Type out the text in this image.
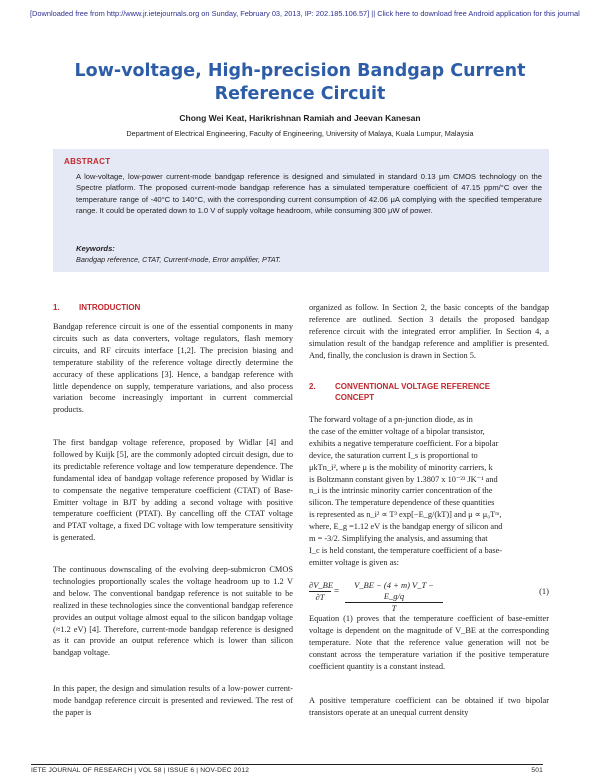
[Downloaded free from http://www.jr.ietejournals.org on Sunday, February 03, 2013, IP: 202.185.106.57] || Click here to download free Android application for this journal
Low-voltage, High-precision Bandgap Current Reference Circuit
Chong Wei Keat, Harikrishnan Ramiah and Jeevan Kanesan
Department of Electrical Engineering, Faculty of Engineering, University of Malaya, Kuala Lumpur, Malaysia
ABSTRACT
A low-voltage, low-power current-mode bandgap reference is designed and simulated in standard 0.13 μm CMOS technology on the Spectre platform. The proposed current-mode bandgap reference has a simulated temperature coefficient of 47.15 ppm/°C over the temperature range of -40°C to 140°C, with the corresponding current consumption of 42.06 μA complying with the specified temperature range. It could be operated down to 1.0 V of supply voltage headroom, while consuming 300 μW of power.
Keywords:
Bandgap reference, CTAT, Current-mode, Error amplifier, PTAT.
1. INTRODUCTION
Bandgap reference circuit is one of the essential components in many circuits such as data converters, voltage regulators, flash memory circuits, and RF circuits interface [1,2]. The precision biasing and temperature stability of the reference voltage directly determine the accuracy of these applications [3]. Hence, a bandgap reference with little dependence on supply, temperature variations, and also process variation become increasingly important in current commercial products.
The first bandgap voltage reference, proposed by Widlar [4] and followed by Kuijk [5], are the commonly adopted circuit design, due to its predictable reference voltage and low temperature dependence. The fundamental idea of bandgap voltage reference proposed by Widlar is to compensate the negative temperature coefficient (CTAT) of Base-Emitter voltage in BJT by adding a second voltage with positive temperature coefficient (PTAT). By cancelling off the CTAT voltage and PTAT voltage, a fixed DC voltage with low temperature sensitivity is generated.
The continuous downscaling of the evolving deep-submicron CMOS technologies proportionally scales the voltage headroom up to 1.2 V and below. The conventional bandgap reference is not suitable to be realized in these technologies since the conventional bandgap reference provides an output voltage almost equal to the silicon bandgap voltage (≈1.2 eV) [4]. Therefore, current-mode bandgap reference is designed as it can provide an output reference which is lower than silicon bandgap voltage.
In this paper, the design and simulation results of a low-power current-mode bandgap reference circuit is presented and reviewed. The rest of the paper is
organized as follow. In Section 2, the basic concepts of the bandgap reference are outlined. Section 3 details the proposed bandgap reference circuit with the integrated error amplifier. In Section 4, a simulation result of the bandgap reference and amplifier is presented. And, finally, the conclusion is drawn in Section 5.
2. CONVENTIONAL VOLTAGE REFERENCE
CONCEPT
The forward voltage of a pn-junction diode, as in
the case of the emitter voltage of a bipolar transistor,
exhibits a negative temperature coefficient. For a bipolar
device, the saturation current I_s is proportional to
μkTn_i², where μ is the mobility of minority carriers, k
is Boltzmann constant given by 1.3807 x 10⁻²³ JK⁻¹ and
n_i is the intrinsic minority carrier concentration of the
silicon. The temperature dependence of these quantities
is represented as n_i² ∝ T³ exp[−E_g/(kT)] and μ ∝ μ₀Tᵐ,
where, E_g =1.12 eV is the bandgap energy of silicon and
m = -3/2. Simplifying the analysis, and assuming that
I_c is held constant, the temperature coefficient of a base-
emitter voltage is given as:
$\frac{\partial V\_BE}{\partial T} = \frac{V\_BE - (4 + m) V\_T - E\_g/q}{T}$	(1)
Equation (1) proves that the temperature coefficient of base-emitter voltage is dependent on the magnitude of V_BE at the corresponding temperature. Note that the reference value generation will not be constant across the temperature variation if the positive temperature coefficient quantity is a constant instead.
A positive temperature coefficient can be obtained if two bipolar transistors operate at an unequal current density
IETE JOURNAL OF RESEARCH | VOL 58 | ISSUE 6 | NOV-DEC 2012	501
